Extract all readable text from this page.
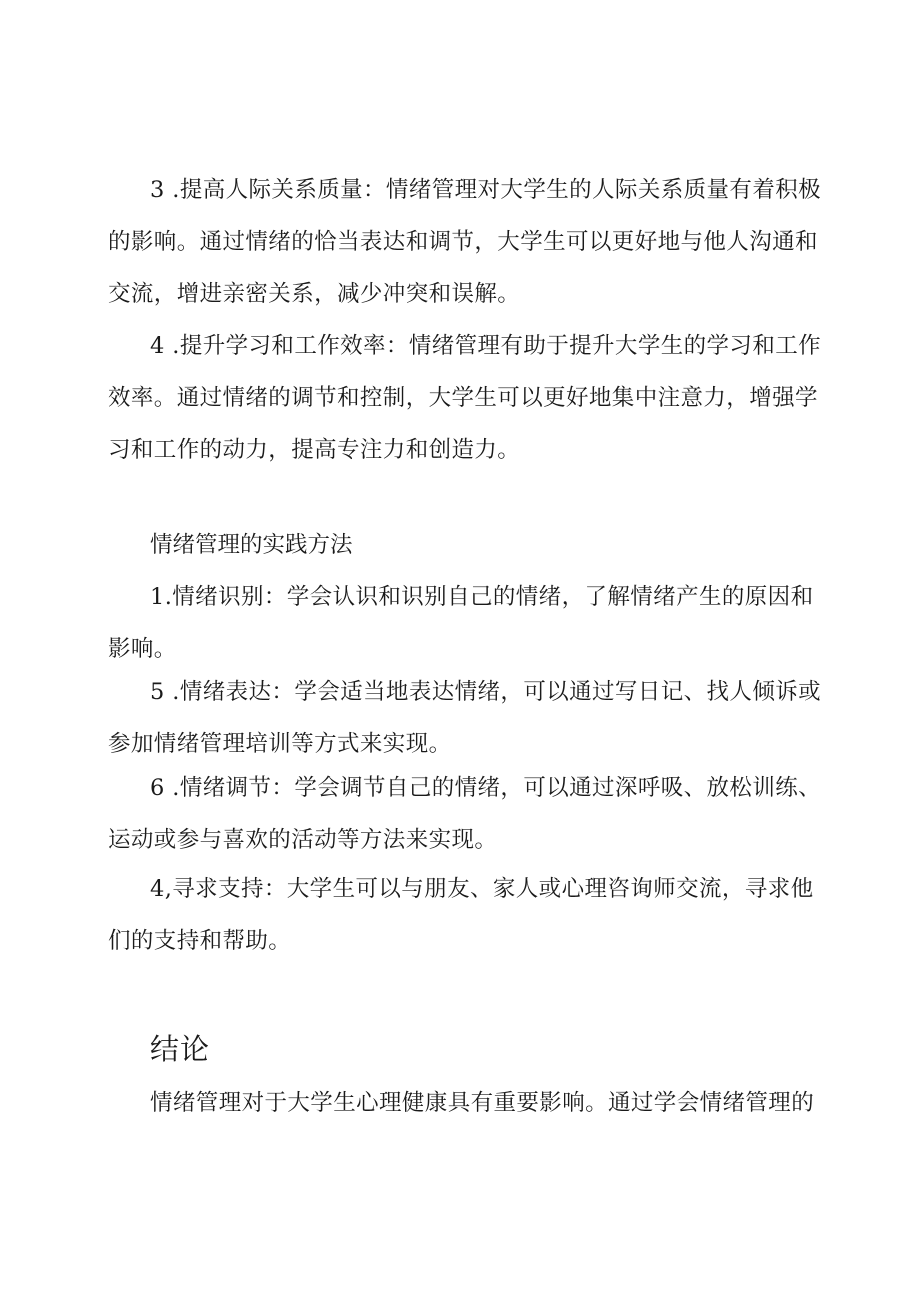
3 .提高人际关系质量：情绪管理对大学生的人际关系质量有着积极的影响。通过情绪的恰当表达和调节，大学生可以更好地与他人沟通和交流，增进亲密关系，减少冲突和误解。

4 .提升学习和工作效率：情绪管理有助于提升大学生的学习和工作效率。通过情绪的调节和控制，大学生可以更好地集中注意力，增强学习和工作的动力，提高专注力和创造力。

情绪管理的实践方法

1.情绪识别：学会认识和识别自己的情绪，了解情绪产生的原因和影响。

5 .情绪表达：学会适当地表达情绪，可以通过写日记、找人倾诉或参加情绪管理培训等方式来实现。

6 .情绪调节：学会调节自己的情绪，可以通过深呼吸、放松训练、运动或参与喜欢的活动等方法来实现。

4,寻求支持：大学生可以与朋友、家人或心理咨询师交流，寻求他们的支持和帮助。

结论

情绪管理对于大学生心理健康具有重要影响。通过学会情绪管理的
